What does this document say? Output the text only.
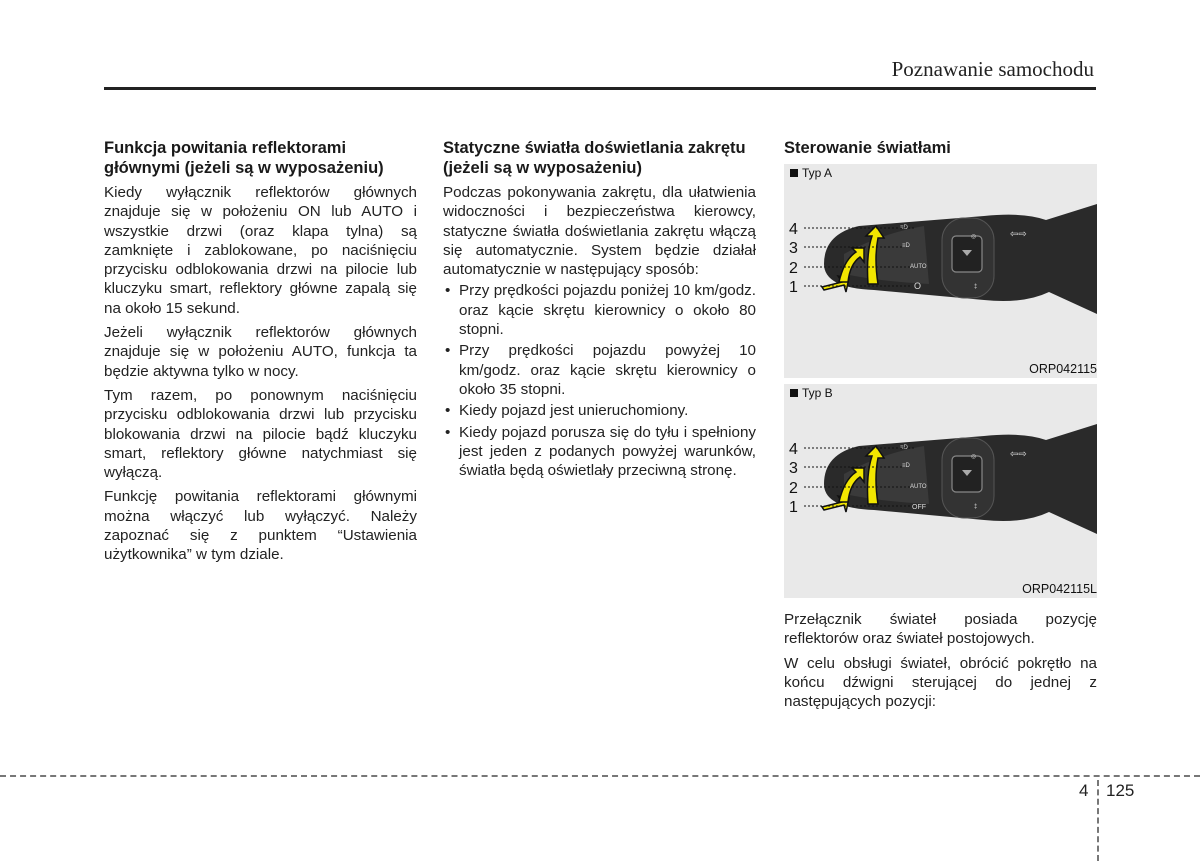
Poznawanie samochodu
Funkcja powitania reflektorami głównymi (jeżeli są w wyposażeniu)

Kiedy wyłącznik reflektorów głównych znajduje się w położeniu ON lub AUTO i wszystkie drzwi (oraz klapa tylna) są zamknięte i zablokowane, po naciśnięciu przycisku odblokowania drzwi na pilocie lub kluczyku smart, reflektory główne zapalą się na około 15 sekund.

Jeżeli wyłącznik reflektorów głównych znajduje się w położeniu AUTO, funkcja ta będzie aktywna tylko w nocy.

Tym razem, po ponownym naciśnięciu przycisku odblokowania drzwi lub przycisku blokowania drzwi na pilocie bądź kluczyku smart, reflektory główne natychmiast się wyłączą.

Funkcję powitania reflektorami głównymi można włączyć lub wyłączyć. Należy zapoznać się z punktem “Ustawienia użytkownika” w tym dziale.

Statyczne światła doświetlania zakrętu (jeżeli są w wyposażeniu)

Podczas pokonywania zakrętu, dla ułatwienia widoczności i bezpieczeństwa kierowcy, statyczne światła doświetlania zakrętu włączą się automatycznie. System będzie działał automatycznie w następujący sposób:

• Przy prędkości pojazdu poniżej 10 km/godz. oraz kącie skrętu kierownicy o około 80 stopni.
• Przy prędkości pojazdu powyżej 10 km/godz. oraz kącie skrętu kierownicy o około 35 stopni.
• Kiedy pojazd jest unieruchomiony.
• Kiedy pojazd porusza się do tyłu i spełniony jest jeden z podanych powyżej warunków, światła będą oświetlały przeciwną stronę.
Sterowanie światłami
≡D
≡D
AUTO
◎	⇦⇨
‡
Typ A
4
3
2
1	O
ORP042115
≡D
≡D
AUTO
◎	⇦⇨
‡
Typ B
4
3
2
1	OFF
ORP042115L

Przełącznik świateł posiada pozycję reflektorów oraz świateł postojowych.

W celu obsługi świateł, obrócić pokrętło na końcu dźwigni sterującej do jednej z następujących pozycji:

4 125
